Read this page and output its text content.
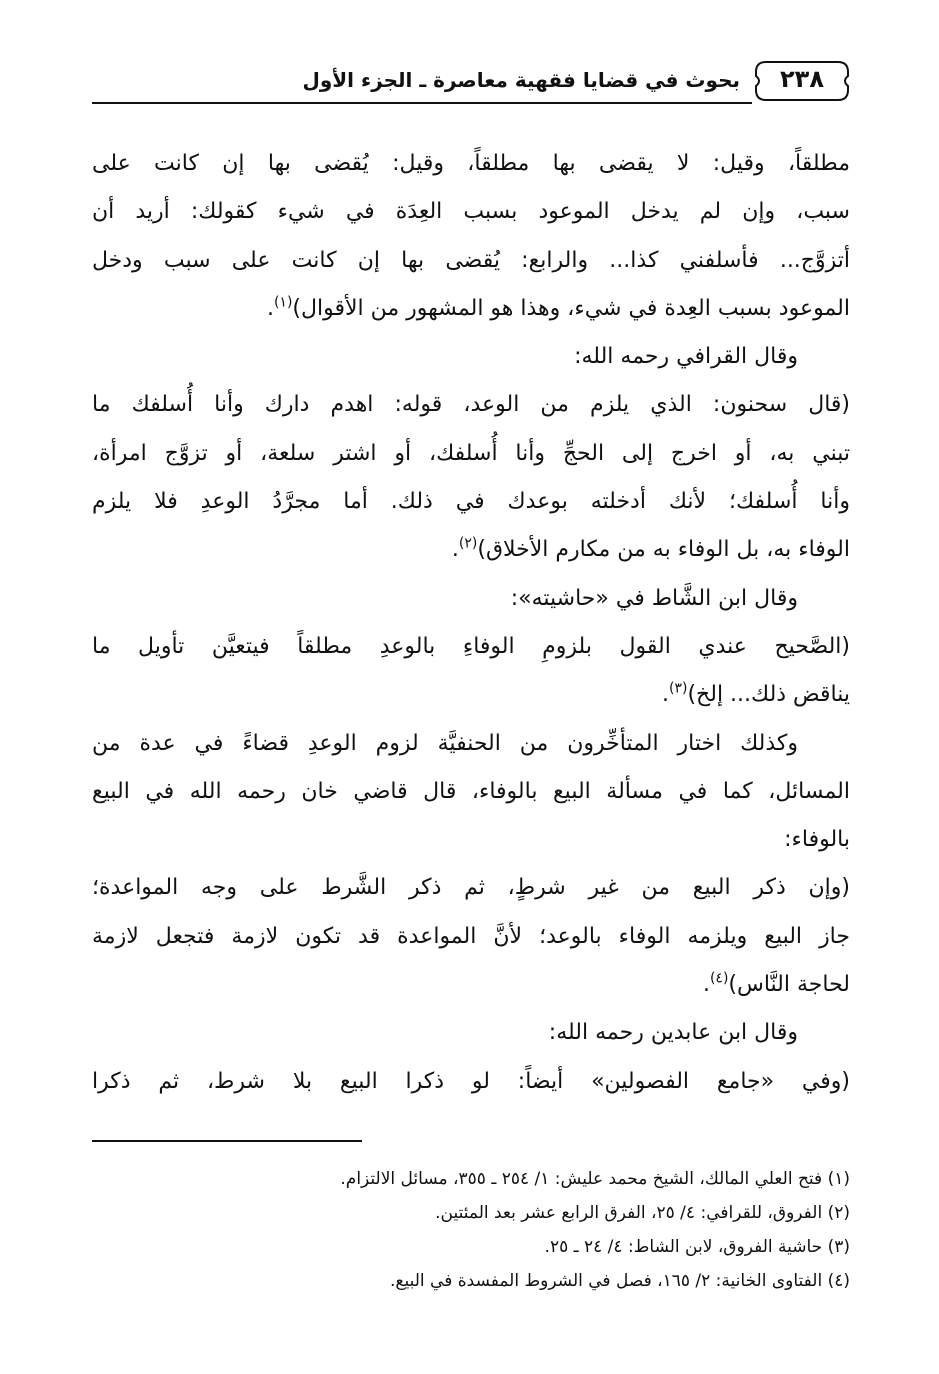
بحوث في قضايا فقهية معاصرة ـ الجزء الأول	٢٣٨
مطلقاً، وقيل: لا يقضى بها مطلقاً، وقيل: يُقضى بها إن كانت على
سبب، وإن لم يدخل الموعود بسبب العِدَة في شيء كقولك: أريد أن
أتزوَّج... فأسلفني كذا... والرابع: يُقضى بها إن كانت على سبب ودخل
الموعود بسبب العِدة في شيء، وهذا هو المشهور من الأقوال)$^{(١)}$.
وقال القرافي رحمه الله:
(قال سحنون: الذي يلزم من الوعد، قوله: اهدم دارك وأنا أُسلفك ما
تبني به، أو اخرج إلى الحجِّ وأنا أُسلفك، أو اشتر سلعة، أو تزوَّج امرأة،
وأنا أُسلفك؛ لأنك أدخلته بوعدك في ذلك. أما مجرَّدُ الوعدِ فلا يلزم
الوفاء به، بل الوفاء به من مكارم الأخلاق)$^{(٢)}$.
وقال ابن الشَّاط في «حاشيته»:
(الصَّحيح عندي القول بلزومِ الوفاءِ بالوعدِ مطلقاً فيتعيَّن تأويل ما
يناقض ذلك... إلخ)$^{(٣)}$.
وكذلك اختار المتأخِّرون من الحنفيَّة لزوم الوعدِ قضاءً في عدة من
المسائل، كما في مسألة البيع بالوفاء، قال قاضي خان رحمه الله في البيع
بالوفاء:
(وإن ذكر البيع من غير شرطٍ، ثم ذكر الشَّرط على وجه المواعدة؛
جاز البيع ويلزمه الوفاء بالوعد؛ لأنَّ المواعدة قد تكون لازمة فتجعل لازمة
لحاجة النَّاس)$^{(٤)}$.
وقال ابن عابدين رحمه الله:
(وفي «جامع الفصولين» أيضاً: لو ذكرا البيع بلا شرط، ثم ذكرا
(١) فتح العلي المالك، الشيخ محمد عليش: ١/ ٢٥٤ ـ ٣٥٥، مسائل الالتزام.
(٢) الفروق، للقرافي: ٤/ ٢٥، الفرق الرابع عشر بعد المئتين.
(٣) حاشية الفروق، لابن الشاط: ٤/ ٢٤ ـ ٢٥.
(٤) الفتاوى الخانية: ٢/ ١٦٥، فصل في الشروط المفسدة في البيع.
